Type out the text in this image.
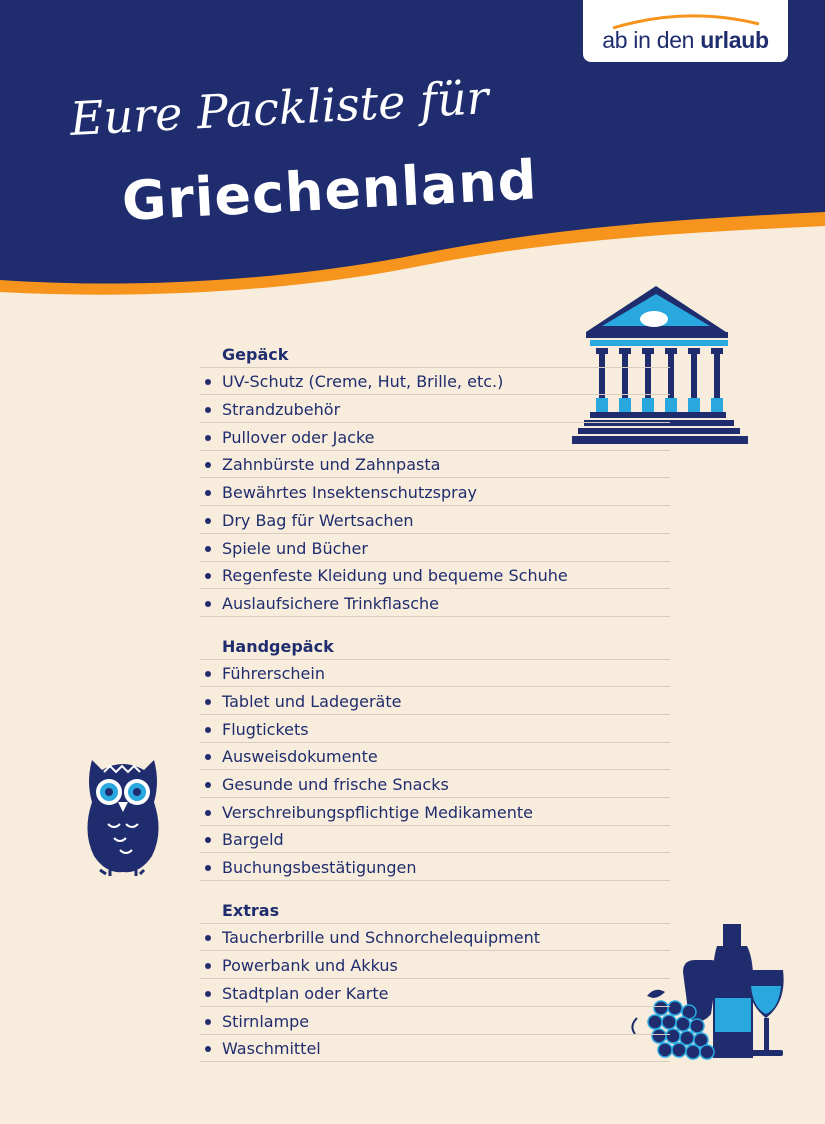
ab in den urlaub
Eure Packliste für
Griechenland
Gepäck
UV-Schutz (Creme, Hut, Brille, etc.)
Strandzubehör
Pullover oder Jacke
Zahnbürste und Zahnpasta
Bewährtes Insektenschutzspray
Dry Bag für Wertsachen
Spiele und Bücher
Regenfeste Kleidung und bequeme Schuhe
Auslaufsichere Trinkflasche
Handgepäck
Führerschein
Tablet und Ladegeräte
Flugtickets
Ausweisdokumente
Gesunde und frische Snacks
Verschreibungspflichtige Medikamente
Bargeld
Buchungsbestätigungen
Extras
Taucherbrille und Schnorchelequipment
Powerbank und Akkus
Stadtplan oder Karte
Stirnlampe
Waschmittel
